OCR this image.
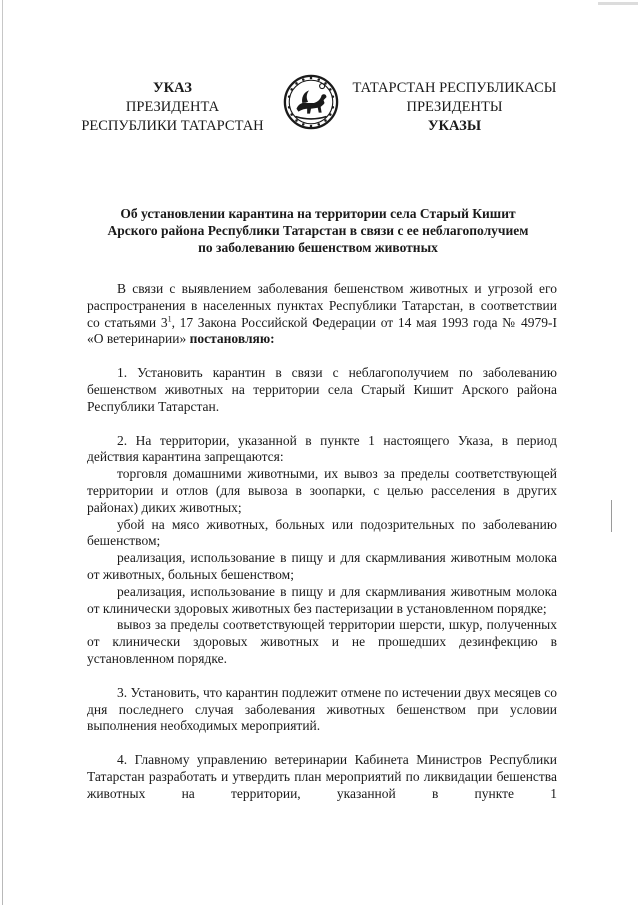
УКАЗ
ПРЕЗИДЕНТА
РЕСПУБЛИКИ ТАТАРСТАН
ТАТАРСТАН РЕСПУБЛИКАСЫ
ПРЕЗИДЕНТЫ
УКАЗЫ
Об установлении карантина на территории села Старый Кишит
Арского района Республики Татарстан в связи с ее неблагополучием
по заболеванию бешенством животных

В связи с выявлением заболевания бешенством животных и угрозой его распространения в населенных пунктах Республики Татарстан, в соответствии со статьями $3^1$, 17 Закона Российской Федерации от 14 мая 1993 года № 4979-I «О ветеринарии» постановляю:

1. Установить карантин в связи с неблагополучием по заболеванию бешенством животных на территории села Старый Кишит Арского района Республики Татарстан.

2. На территории, указанной в пункте 1 настоящего Указа, в период действия карантина запрещаются:

торговля домашними животными, их вывоз за пределы соответствующей территории и отлов (для вывоза в зоопарки, с целью расселения в других районах) диких животных;

убой на мясо животных, больных или подозрительных по заболеванию бешенством;

реализация, использование в пищу и для скармливания животным молока от животных, больных бешенством;

реализация, использование в пищу и для скармливания животным молока от клинически здоровых животных без пастеризации в установленном порядке;

вывоз за пределы соответствующей территории шерсти, шкур, полученных от клинически здоровых животных и не прошедших дезинфекцию в установленном порядке.

3. Установить, что карантин подлежит отмене по истечении двух месяцев со дня последнего случая заболевания животных бешенством при условии выполнения необходимых мероприятий.

4. Главному управлению ветеринарии Кабинета Министров Республики Татарстан разработать и утвердить план мероприятий по ликвидации бешенства животных на территории, указанной в пункте 1
